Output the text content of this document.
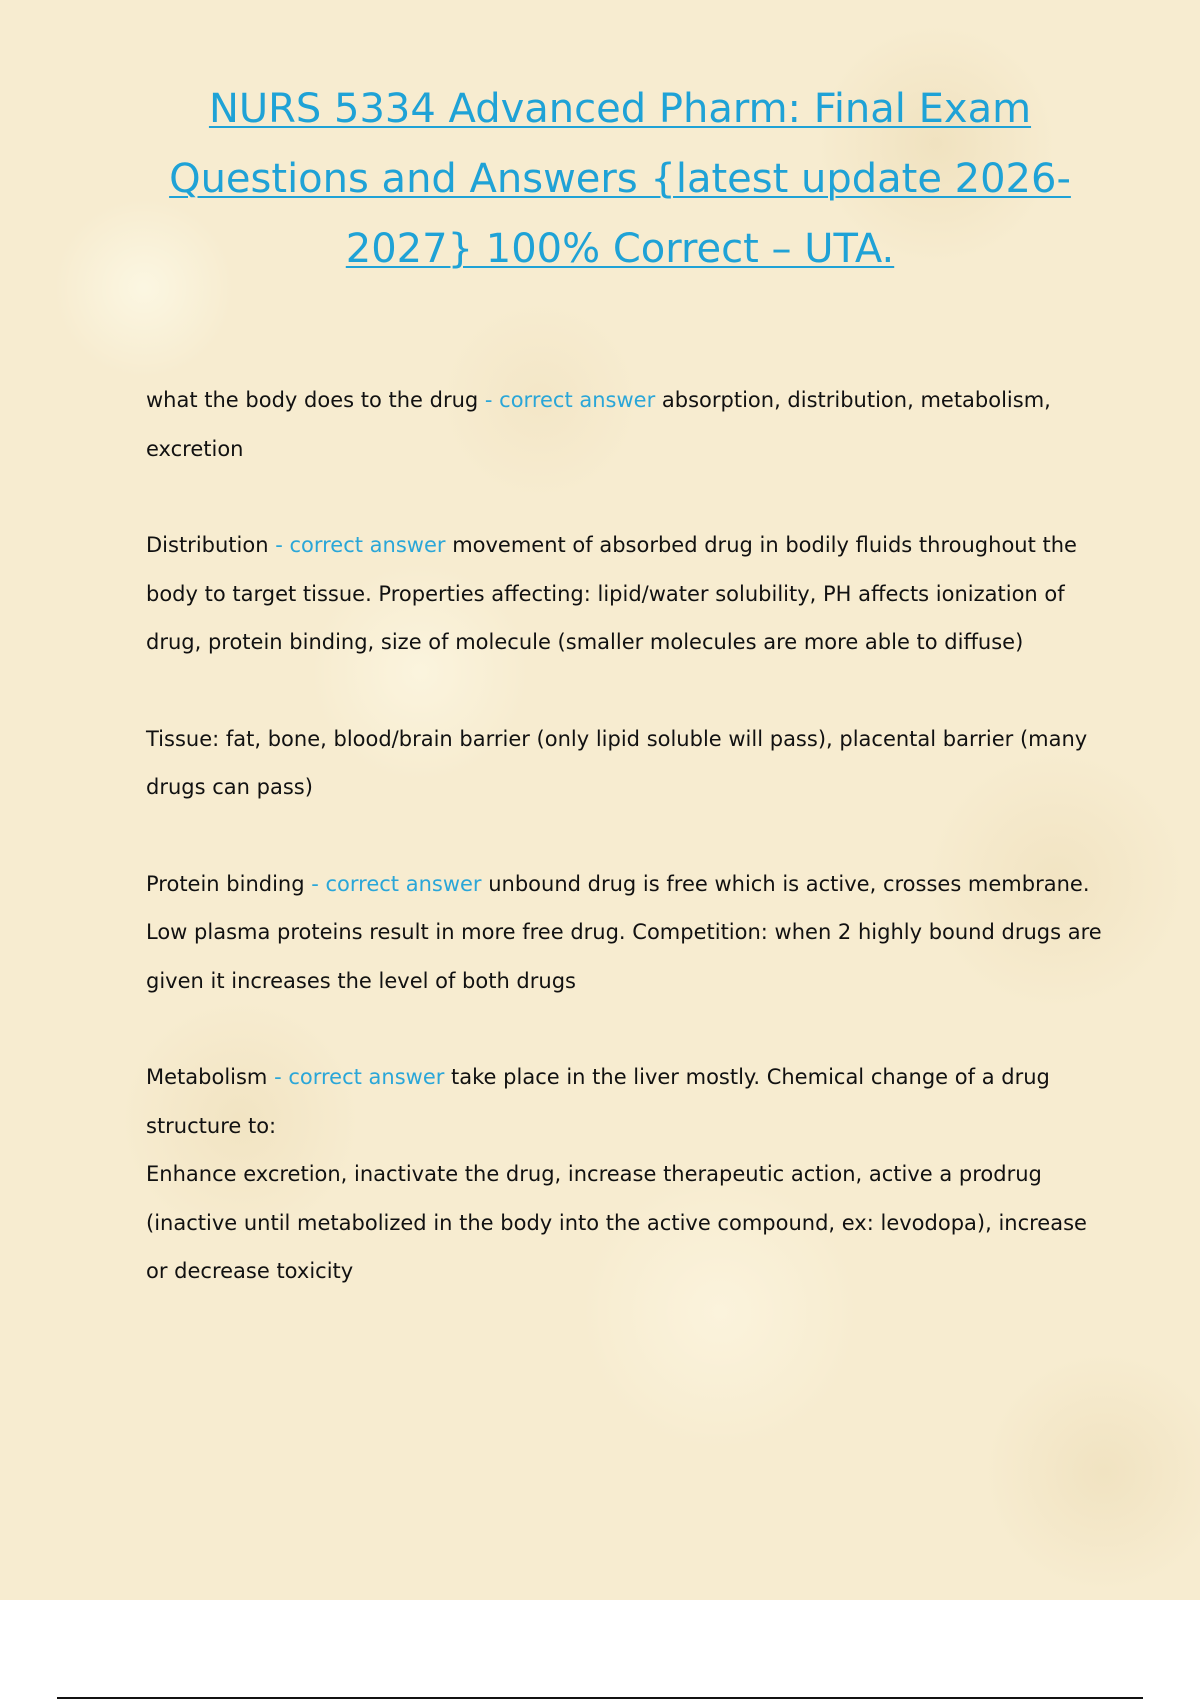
NURS 5334 Advanced Pharm: Final Exam Questions and Answers {latest update 2026-2027} 100% Correct – UTA.

what the body does to the drug - correct answer absorption, distribution, metabolism, excretion

Distribution - correct answer movement of absorbed drug in bodily fluids throughout the body to target tissue. Properties affecting: lipid/water solubility, PH affects ionization of drug, protein binding, size of molecule (smaller molecules are more able to diffuse)

Tissue: fat, bone, blood/brain barrier (only lipid soluble will pass), placental barrier (many drugs can pass)

Protein binding - correct answer unbound drug is free which is active, crosses membrane. Low plasma proteins result in more free drug. Competition: when 2 highly bound drugs are given it increases the level of both drugs

Metabolism - correct answer take place in the liver mostly. Chemical change of a drug structure to:
Enhance excretion, inactivate the drug, increase therapeutic action, active a prodrug (inactive until metabolized in the body into the active compound, ex: levodopa), increase or decrease toxicity
